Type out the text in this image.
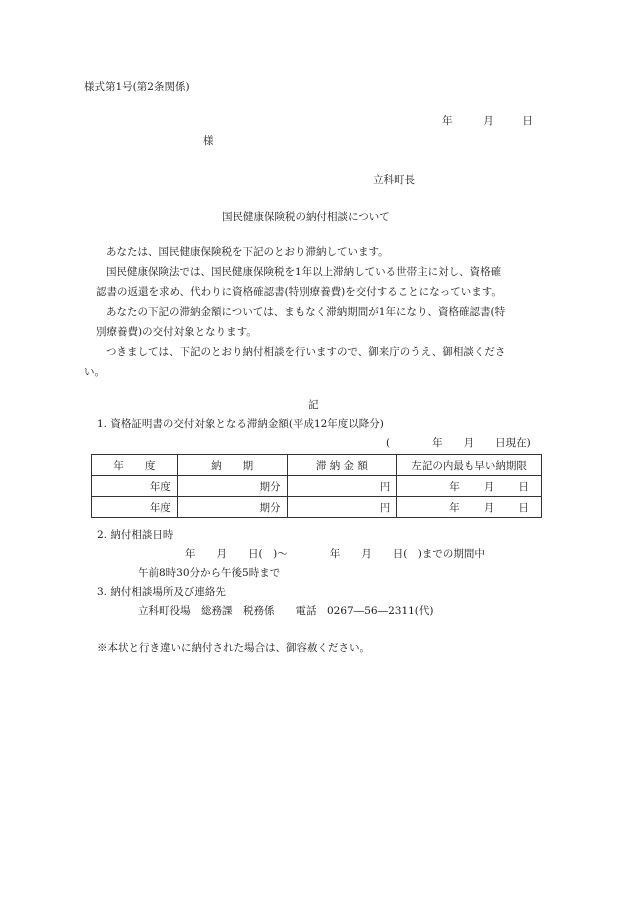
様式第1号(第2条関係)
年	月	日
様
立科町長
国民健康保険税の納付相談について
あなたは、国民健康保険税を下記のとおり滞納しています。
国民健康保険法では、国民健康保険税を1年以上滞納している世帯主に対し、資格確
認書の返還を求め、代わりに資格確認書(特別療養費)を交付することになっています。
あなたの下記の滞納金額については、まもなく滞納期間が1年になり、資格確認書(特
別療養費)の交付対象となります。
つきましては、下記のとおり納付相談を行いますので、御来庁のうえ、御相談くださ
い。
記
1. 資格証明書の交付対象となる滞納金額(平成12年度以降分)
(　　　　年　　月　　日現在)
年　　度	納　　期	滞 納 金 額	左記の内最も早い納期限
年度	期分	円	年 月 日

年度	期分	円	年 月 日
2. 納付相談日時
年　　月　　日(　)〜　　　　年　　月　　日(　)までの期間中
午前8時30分から午後5時まで
3. 納付相談場所及び連絡先
立科町役場　総務課　税務係　　電話　0267―56―2311(代)
※本状と行き違いに納付された場合は、御容赦ください。
